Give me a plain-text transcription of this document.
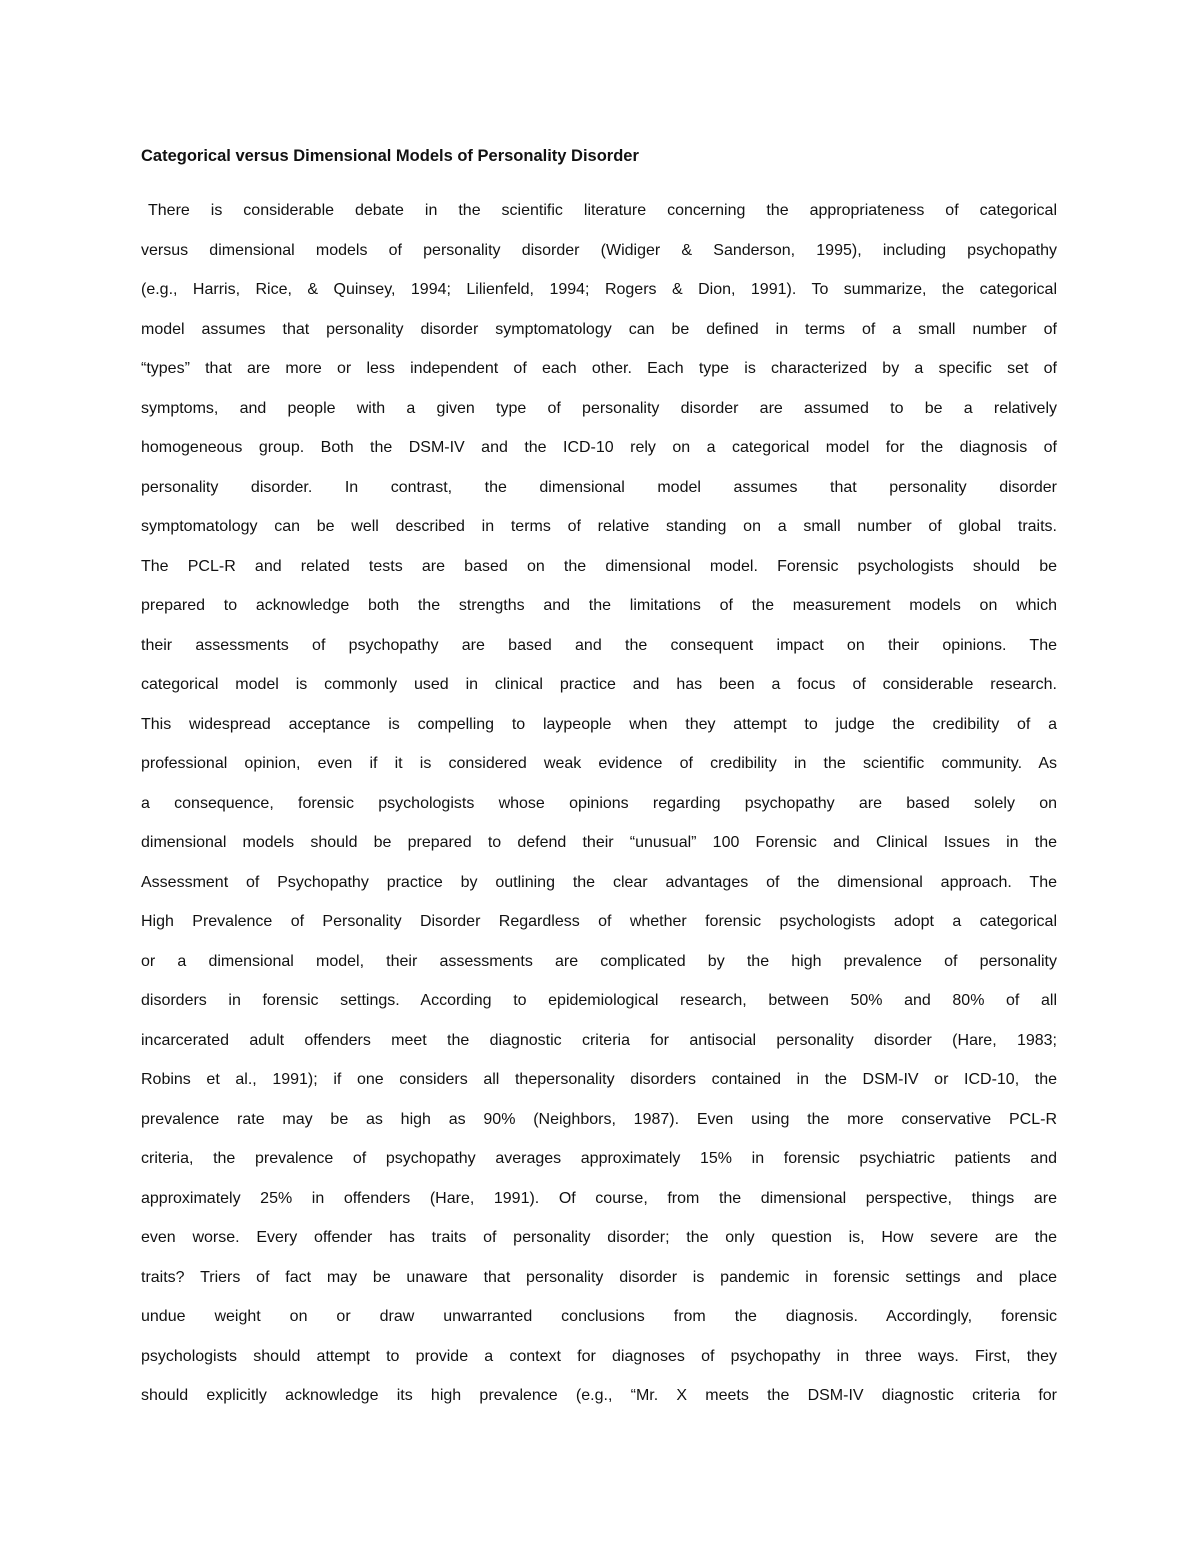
Categorical versus Dimensional Models of Personality Disorder
There is considerable debate in the scientific literature concerning the appropriateness of categorical
versus dimensional models of personality disorder (Widiger & Sanderson, 1995), including psychopathy
(e.g., Harris, Rice, & Quinsey, 1994; Lilienfeld, 1994; Rogers & Dion, 1991). To summarize, the categorical
model assumes that personality disorder symptomatology can be defined in terms of a small number of
“types” that are more or less independent of each other. Each type is characterized by a specific set of
symptoms, and people with a given type of personality disorder are assumed to be a relatively
homogeneous group. Both the DSM-IV and the ICD-10 rely on a categorical model for the diagnosis of
personality disorder. In contrast, the dimensional model assumes that personality disorder
symptomatology can be well described in terms of relative standing on a small number of global traits.
The PCL-R and related tests are based on the dimensional model. Forensic psychologists should be
prepared to acknowledge both the strengths and the limitations of the measurement models on which
their assessments of psychopathy are based and the consequent impact on their opinions. The
categorical model is commonly used in clinical practice and has been a focus of considerable research.
This widespread acceptance is compelling to laypeople when they attempt to judge the credibility of a
professional opinion, even if it is considered weak evidence of credibility in the scientific community. As
a consequence, forensic psychologists whose opinions regarding psychopathy are based solely on
dimensional models should be prepared to defend their “unusual” 100 Forensic and Clinical Issues in the
Assessment of Psychopathy practice by outlining the clear advantages of the dimensional approach. The
High Prevalence of Personality Disorder Regardless of whether forensic psychologists adopt a categorical
or a dimensional model, their assessments are complicated by the high prevalence of personality
disorders in forensic settings. According to epidemiological research, between 50% and 80% of all
incarcerated adult offenders meet the diagnostic criteria for antisocial personality disorder (Hare, 1983;
Robins et al., 1991); if one considers all thepersonality disorders contained in the DSM-IV or ICD-10, the
prevalence rate may be as high as 90% (Neighbors, 1987). Even using the more conservative PCL-R
criteria, the prevalence of psychopathy averages approximately 15% in forensic psychiatric patients and
approximately 25% in offenders (Hare, 1991). Of course, from the dimensional perspective, things are
even worse. Every offender has traits of personality disorder; the only question is, How severe are the
traits? Triers of fact may be unaware that personality disorder is pandemic in forensic settings and place
undue weight on or draw unwarranted conclusions from the diagnosis. Accordingly, forensic
psychologists should attempt to provide a context for diagnoses of psychopathy in three ways. First, they
should explicitly acknowledge its high prevalence (e.g., “Mr. X meets the DSM-IV diagnostic criteria for
